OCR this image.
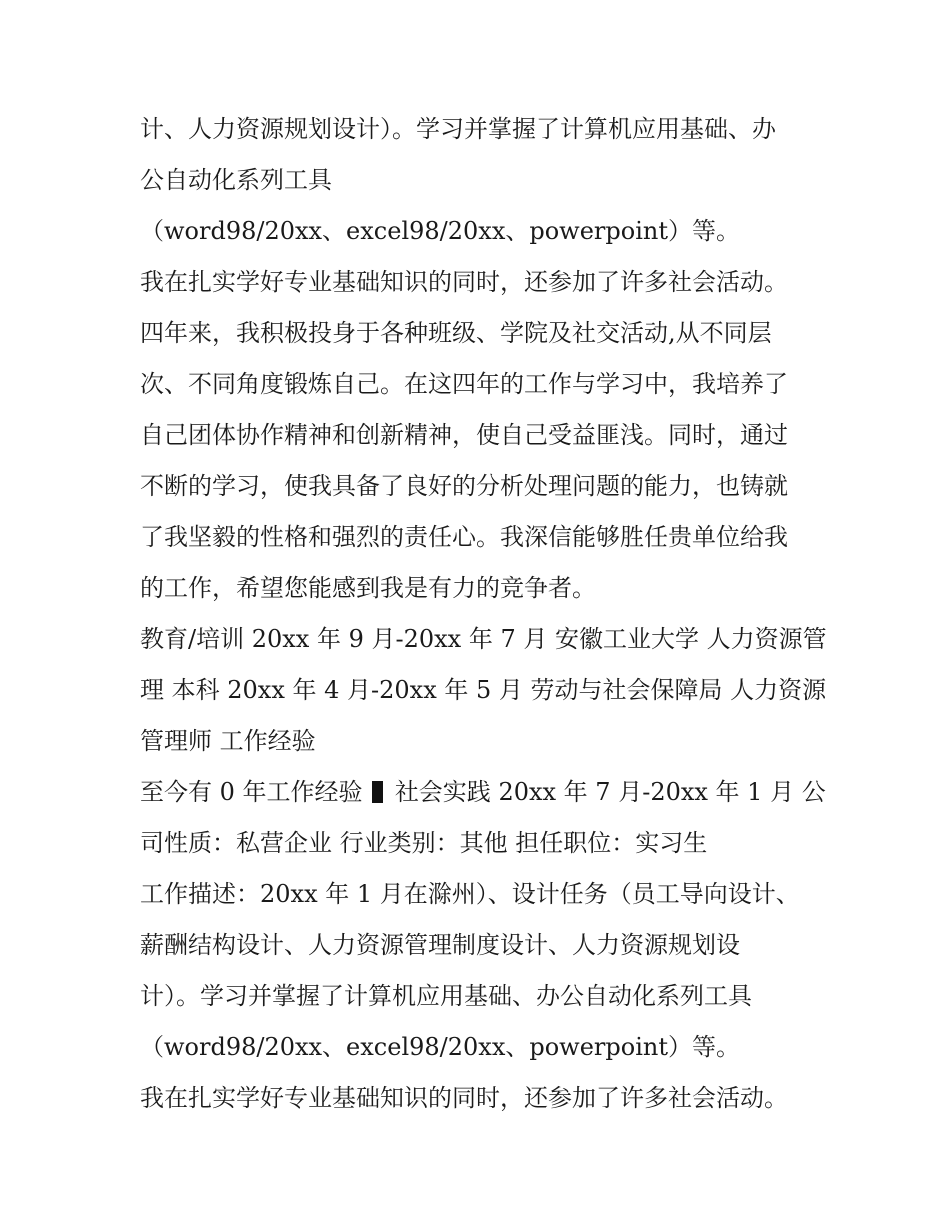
计、人力资源规划设计）。学习并掌握了计算机应用基础、办
公自动化系列工具
（word98/20xx、excel98/20xx、powerpoint）等。
我在扎实学好专业基础知识的同时，还参加了许多社会活动。
四年来，我积极投身于各种班级、学院及社交活动,从不同层
次、不同角度锻炼自己。在这四年的工作与学习中，我培养了
自己团体协作精神和创新精神，使自己受益匪浅。同时，通过
不断的学习，使我具备了良好的分析处理问题的能力，也铸就
了我坚毅的性格和强烈的责任心。我深信能够胜任贵单位给我
的工作，希望您能感到我是有力的竞争者。
教育/培训 20xx 年 9 月-20xx 年 7 月 安徽工业大学 人力资源管
理 本科 20xx 年 4 月-20xx 年 5 月 劳动与社会保障局 人力资源
管理师 工作经验
至今有 0 年工作经验 社会实践 20xx 年 7 月-20xx 年 1 月 公
司性质：私营企业 行业类别：其他 担任职位：实习生
工作描述：20xx 年 1 月在滁州）、设计任务（员工导向设计、
薪酬结构设计、人力资源管理制度设计、人力资源规划设
计）。学习并掌握了计算机应用基础、办公自动化系列工具
（word98/20xx、excel98/20xx、powerpoint）等。
我在扎实学好专业基础知识的同时，还参加了许多社会活动。
